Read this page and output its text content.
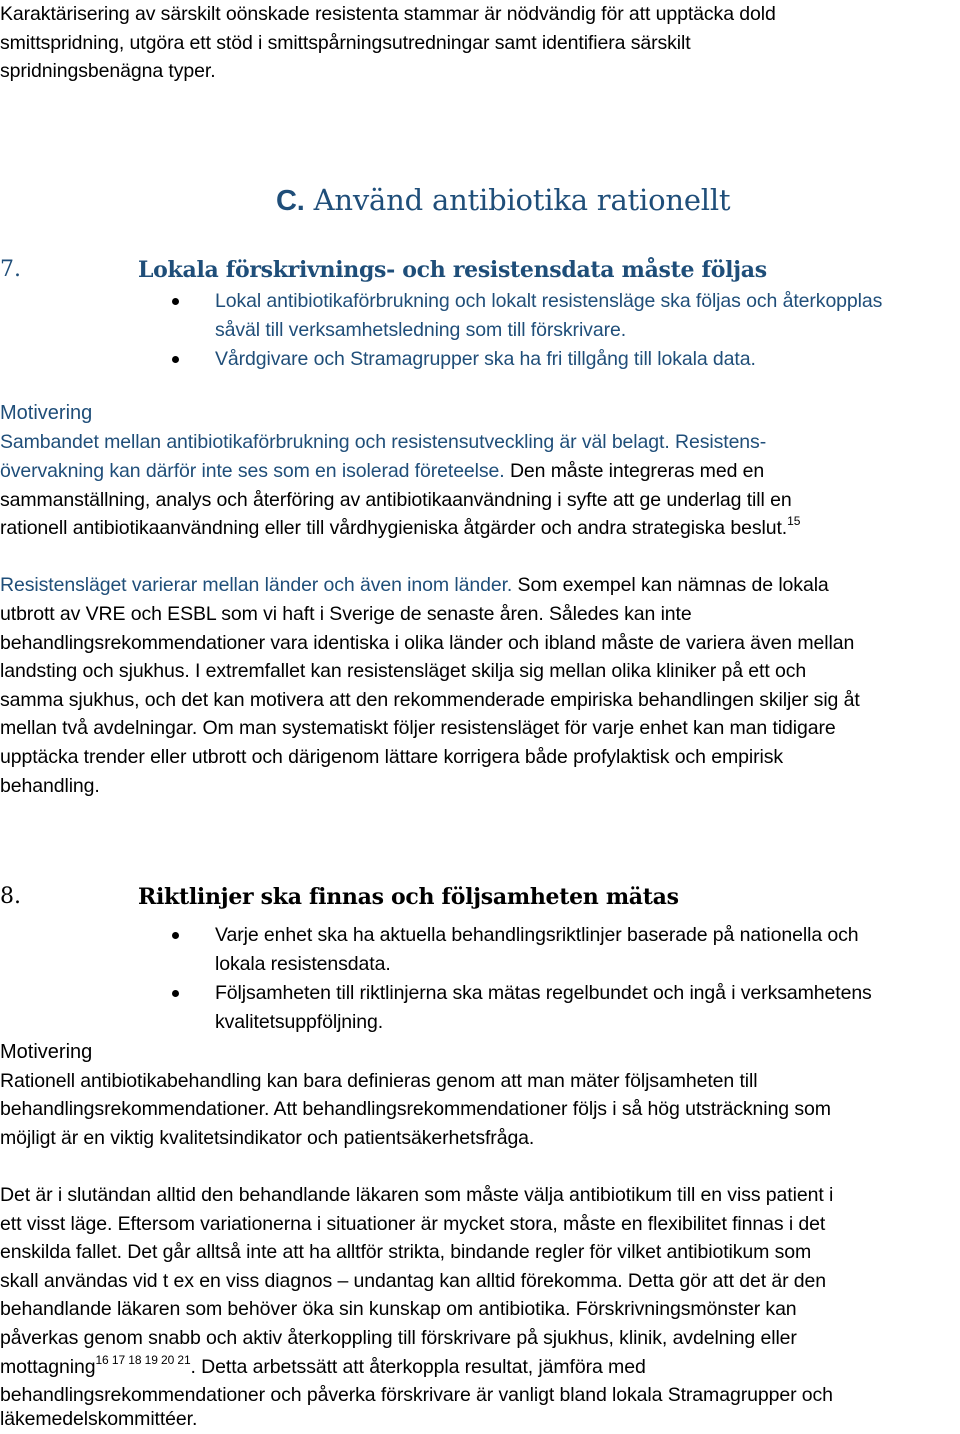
Karaktärisering av särskilt oönskade resistenta stammar är nödvändig för att upptäcka dold
smittspridning, utgöra ett stöd i smittspårningsutredningar samt identifiera särskilt
spridningsbenägna typer.
C. Använd antibiotika rationellt
7.	Lokala förskrivnings- och resistensdata måste följas
Lokal antibiotikaförbrukning och lokalt resistensläge ska följas och återkopplas
såväl till verksamhetsledning som till förskrivare.
Vårdgivare och Stramagrupper ska ha fri tillgång till lokala data.
Motivering
Sambandet mellan antibiotikaförbrukning och resistensutveckling är väl belagt. Resistens-
övervakning kan därför inte ses som en isolerad företeelse. Den måste integreras med en
sammanställning, analys och återföring av antibiotikaanvändning i syfte att ge underlag till en
rationell antibiotikaanvändning eller till vårdhygieniska åtgärder och andra strategiska beslut.$^{15}$
Resistensläget varierar mellan länder och även inom länder. Som exempel kan nämnas de lokala
utbrott av VRE och ESBL som vi haft i Sverige de senaste åren. Således kan inte
behandlingsrekommendationer vara identiska i olika länder och ibland måste de variera även mellan
landsting och sjukhus. I extremfallet kan resistensläget skilja sig mellan olika kliniker på ett och
samma sjukhus, och det kan motivera att den rekommenderade empiriska behandlingen skiljer sig åt
mellan två avdelningar. Om man systematiskt följer resistensläget för varje enhet kan man tidigare
upptäcka trender eller utbrott och därigenom lättare korrigera både profylaktisk och empirisk
behandling.
8.	Riktlinjer ska finnas och följsamheten mätas
Varje enhet ska ha aktuella behandlingsriktlinjer baserade på nationella och
lokala resistensdata.
Följsamheten till riktlinjerna ska mätas regelbundet och ingå i verksamhetens
kvalitetsuppföljning.
Motivering
Rationell antibiotikabehandling kan bara definieras genom att man mäter följsamheten till
behandlingsrekommendationer. Att behandlingsrekommendationer följs i så hög utsträckning som
möjligt är en viktig kvalitetsindikator och patientsäkerhetsfråga.
Det är i slutändan alltid den behandlande läkaren som måste välja antibiotikum till en viss patient i
ett visst läge. Eftersom variationerna i situationer är mycket stora, måste en flexibilitet finnas i det
enskilda fallet. Det går alltså inte att ha alltför strikta, bindande regler för vilket antibiotikum som
skall användas vid t ex en viss diagnos – undantag kan alltid förekomma. Detta gör att det är den
behandlande läkaren som behöver öka sin kunskap om antibiotika. Förskrivningsmönster kan
påverkas genom snabb och aktiv återkoppling till förskrivare på sjukhus, klinik, avdelning eller
mottagning$^{16 17 18 19 20 21}$. Detta arbetssätt att återkoppla resultat, jämföra med
behandlingsrekommendationer och påverka förskrivare är vanligt bland lokala Stramagrupper och
läkemedelskommittéer.
